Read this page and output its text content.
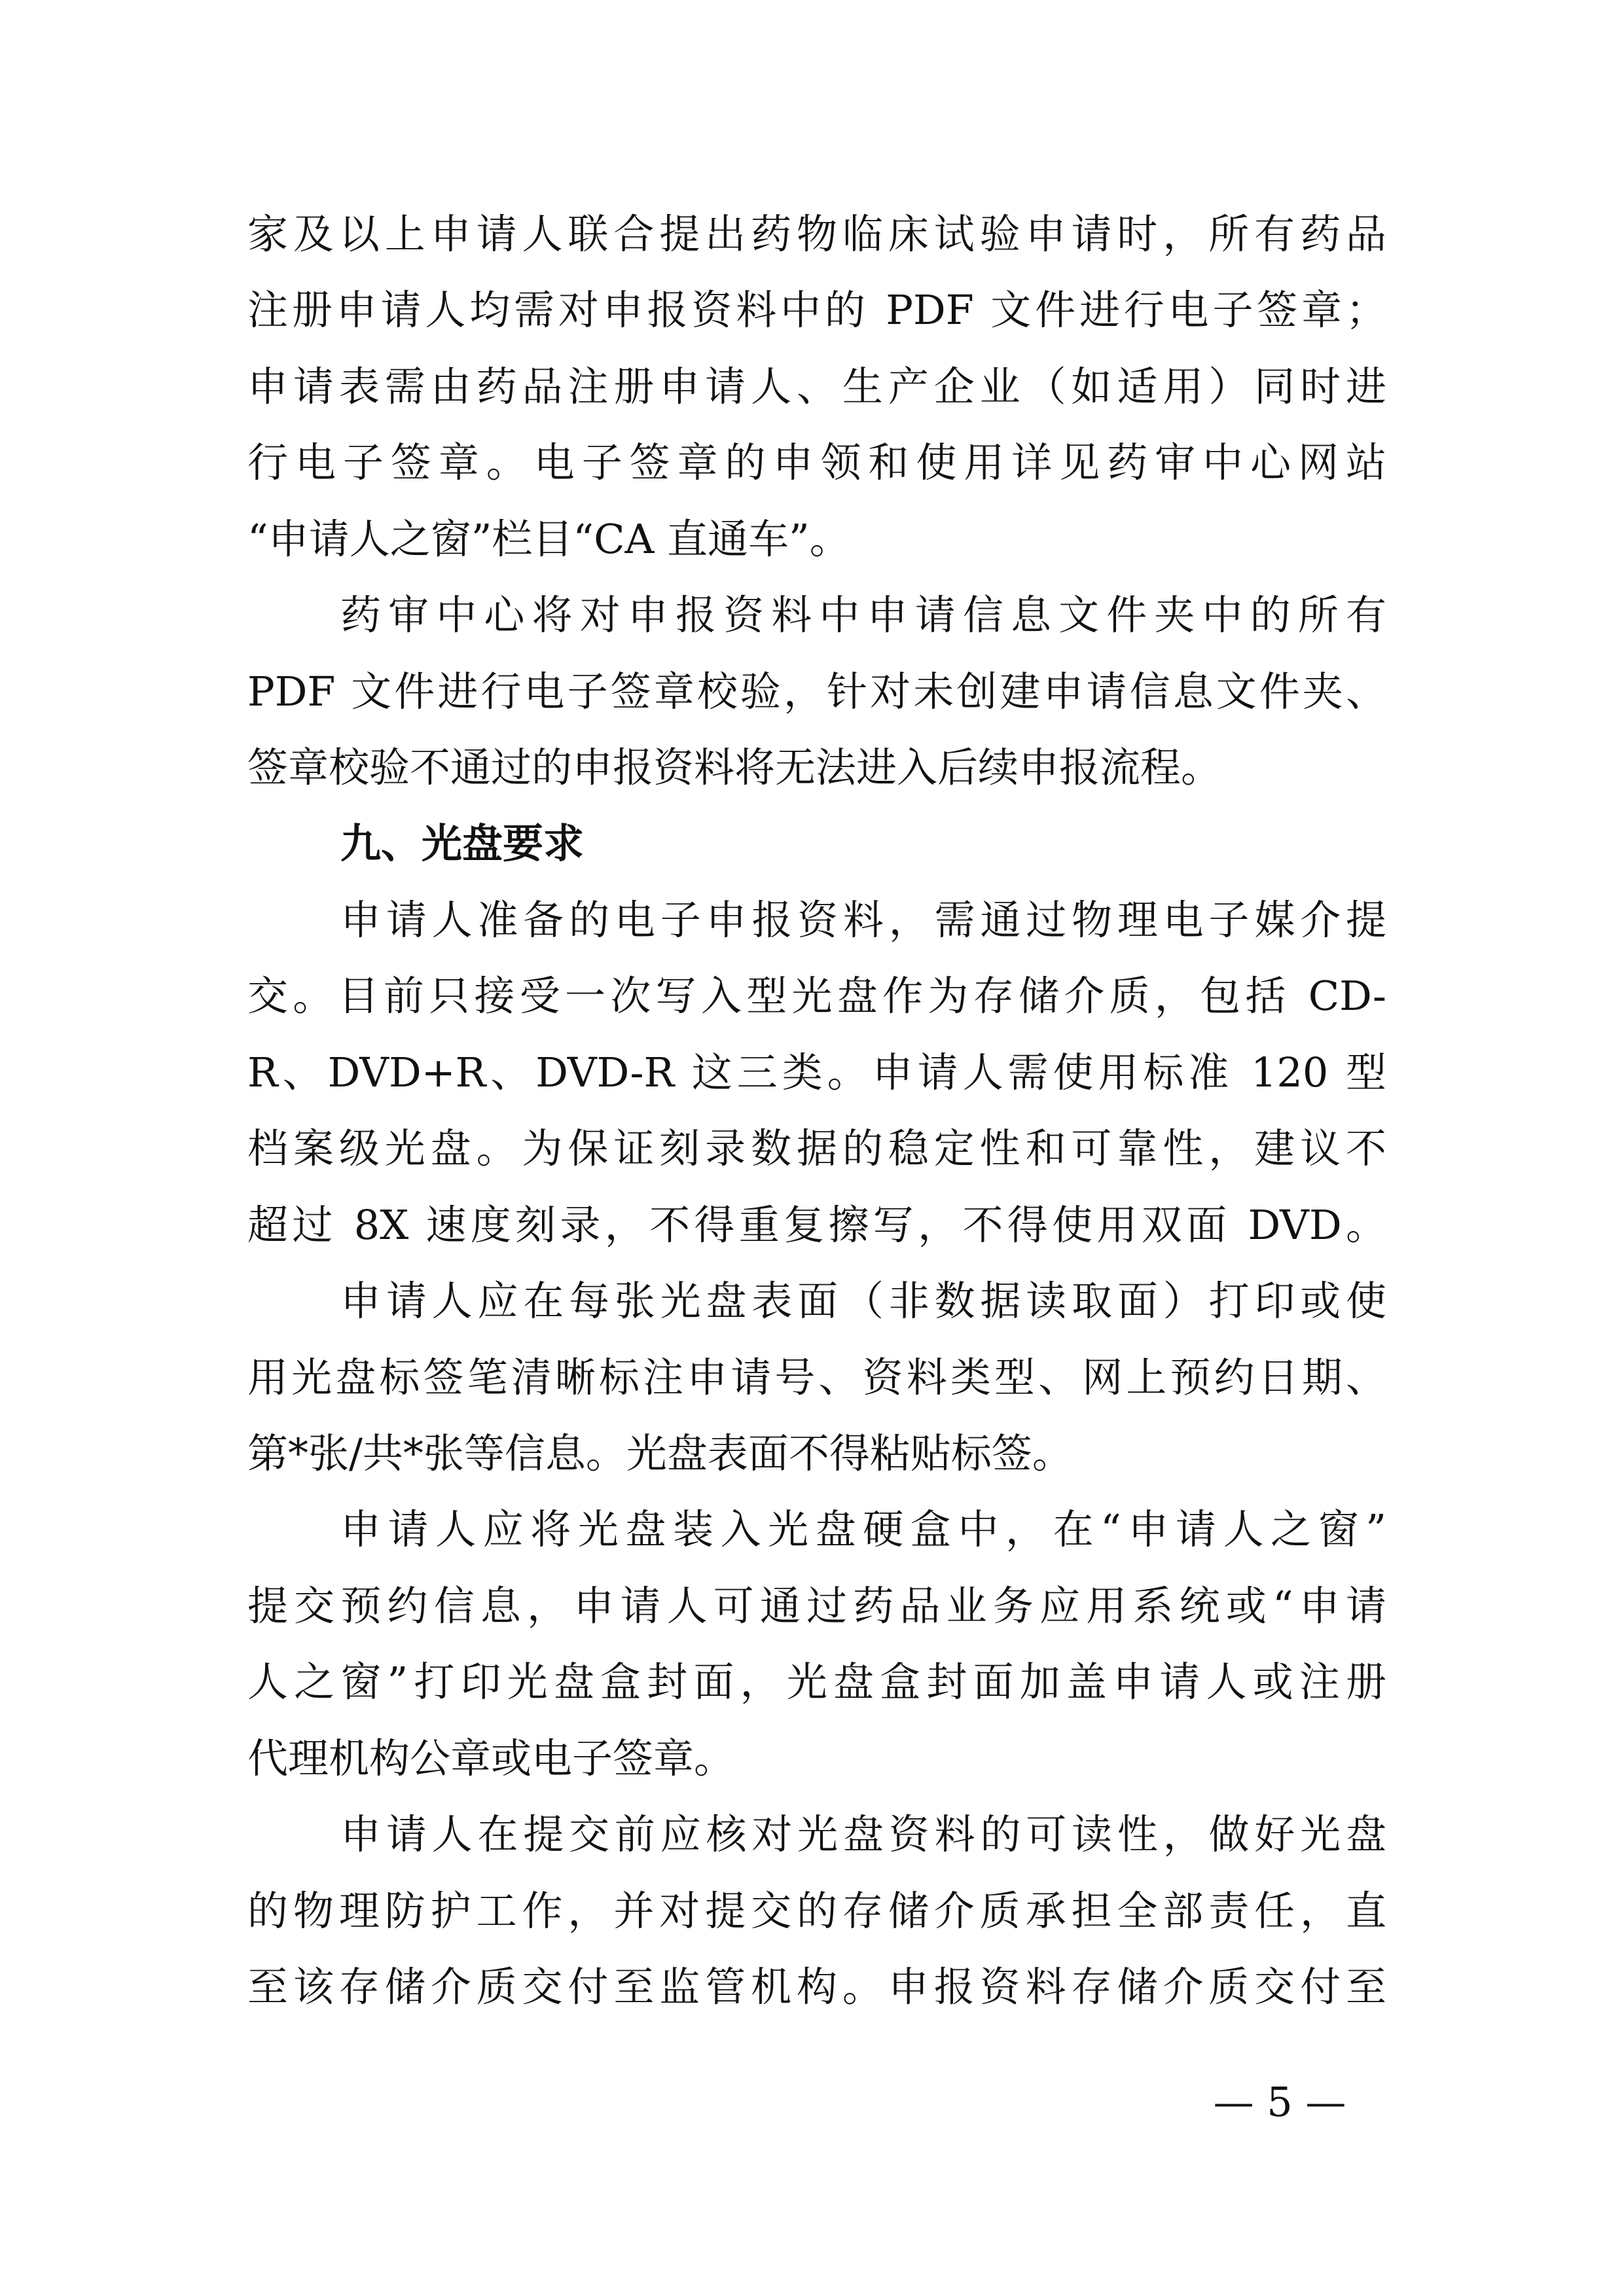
家及以上申请人联合提出药物临床试验申请时，所有药品
注册申请人均需对申报资料中的 PDF 文件进行电子签章；
申请表需由药品注册申请人、生产企业（如适用）同时进
行电子签章。电子签章的申领和使用详见药审中心网站
“申请人之窗”栏目“CA 直通车”。
药审中心将对申报资料中申请信息文件夹中的所有
PDF 文件进行电子签章校验，针对未创建申请信息文件夹、
签章校验不通过的申报资料将无法进入后续申报流程。
九、光盘要求
申请人准备的电子申报资料，需通过物理电子媒介提
交。目前只接受一次写入型光盘作为存储介质，包括 CD-
R、DVD+R、DVD-R 这三类。申请人需使用标准 120 型
档案级光盘。为保证刻录数据的稳定性和可靠性，建议不
超过 8X 速度刻录，不得重复擦写，不得使用双面 DVD。
申请人应在每张光盘表面（非数据读取面）打印或使
用光盘标签笔清晰标注申请号、资料类型、网上预约日期、
第*张/共*张等信息。光盘表面不得粘贴标签。
申请人应将光盘装入光盘硬盒中，在“申请人之窗”
提交预约信息，申请人可通过药品业务应用系统或“申请
人之窗”打印光盘盒封面，光盘盒封面加盖申请人或注册
代理机构公章或电子签章。
申请人在提交前应核对光盘资料的可读性，做好光盘
的物理防护工作，并对提交的存储介质承担全部责任，直
至该存储介质交付至监管机构。申报资料存储介质交付至
— 5 —
